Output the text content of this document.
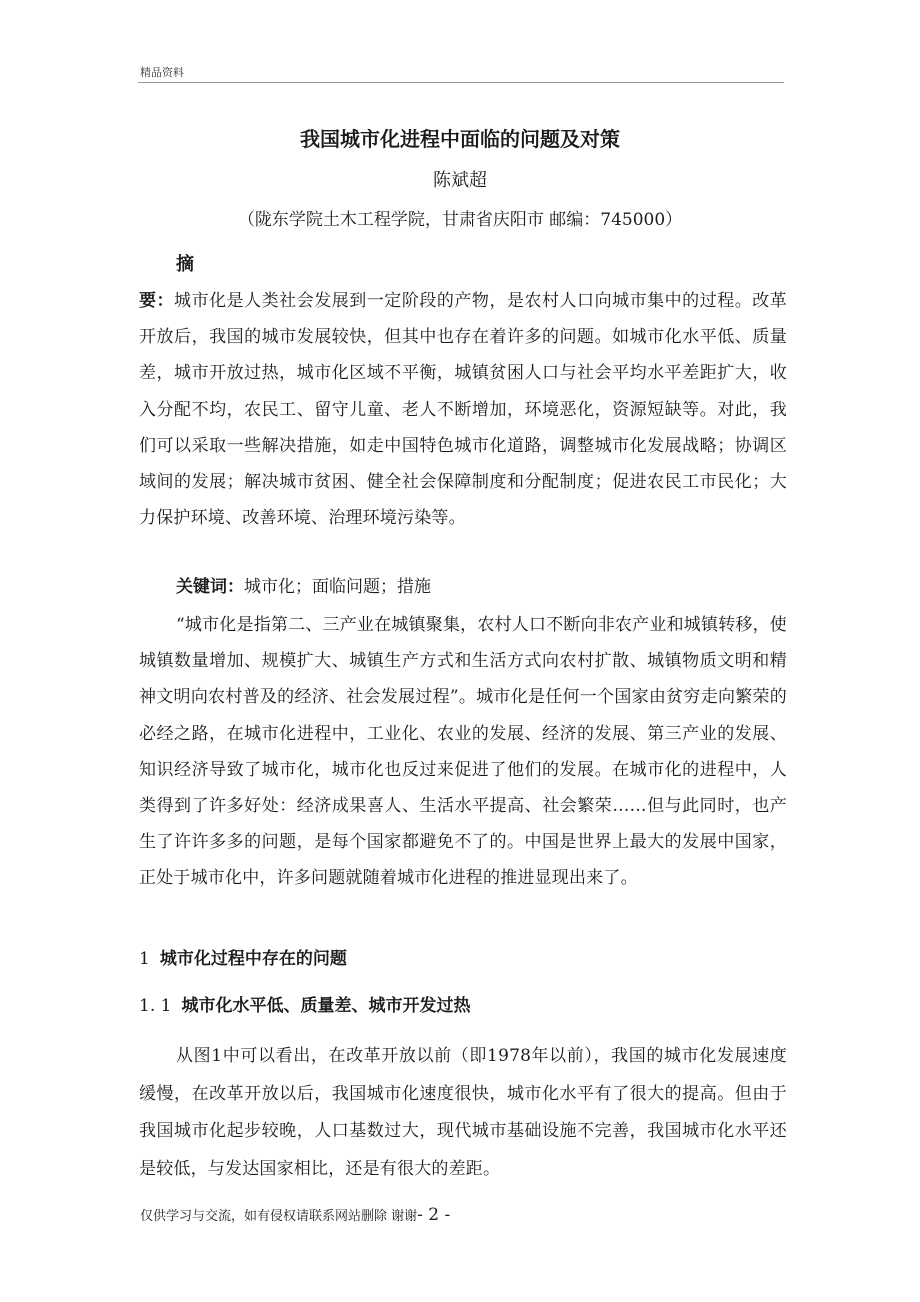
精品资料
我国城市化进程中面临的问题及对策
陈斌超
（陇东学院土木工程学院，甘肃省庆阳市 邮编：745000）
摘
要：城市化是人类社会发展到一定阶段的产物，是农村人口向城市集中的过程。改革开放后，我国的城市发展较快，但其中也存在着许多的问题。如城市化水平低、质量差，城市开放过热，城市化区域不平衡，城镇贫困人口与社会平均水平差距扩大，收入分配不均，农民工、留守儿童、老人不断增加，环境恶化，资源短缺等。对此，我们可以采取一些解决措施，如走中国特色城市化道路，调整城市化发展战略；协调区域间的发展；解决城市贫困、健全社会保障制度和分配制度；促进农民工市民化；大力保护环境、改善环境、治理环境污染等。
关键词：城市化；面临问题；措施
“城市化是指第二、三产业在城镇聚集，农村人口不断向非农产业和城镇转移，使城镇数量增加、规模扩大、城镇生产方式和生活方式向农村扩散、城镇物质文明和精神文明向农村普及的经济、社会发展过程”。城市化是任何一个国家由贫穷走向繁荣的必经之路，在城市化进程中，工业化、农业的发展、经济的发展、第三产业的发展、知识经济导致了城市化，城市化也反过来促进了他们的发展。在城市化的进程中，人类得到了许多好处：经济成果喜人、生活水平提高、社会繁荣……但与此同时，也产生了许许多多的问题，是每个国家都避免不了的。中国是世界上最大的发展中国家，正处于城市化中，许多问题就随着城市化进程的推进显现出来了。
1 城市化过程中存在的问题
1. 1 城市化水平低、质量差、城市开发过热
从图1中可以看出，在改革开放以前（即1978年以前），我国的城市化发展速度缓慢，在改革开放以后，我国城市化速度很快，城市化水平有了很大的提高。但由于我国城市化起步较晚，人口基数过大，现代城市基础设施不完善，我国城市化水平还是较低，与发达国家相比，还是有很大的差距。
仅供学习与交流，如有侵权请联系网站删除 谢谢- 2 -
